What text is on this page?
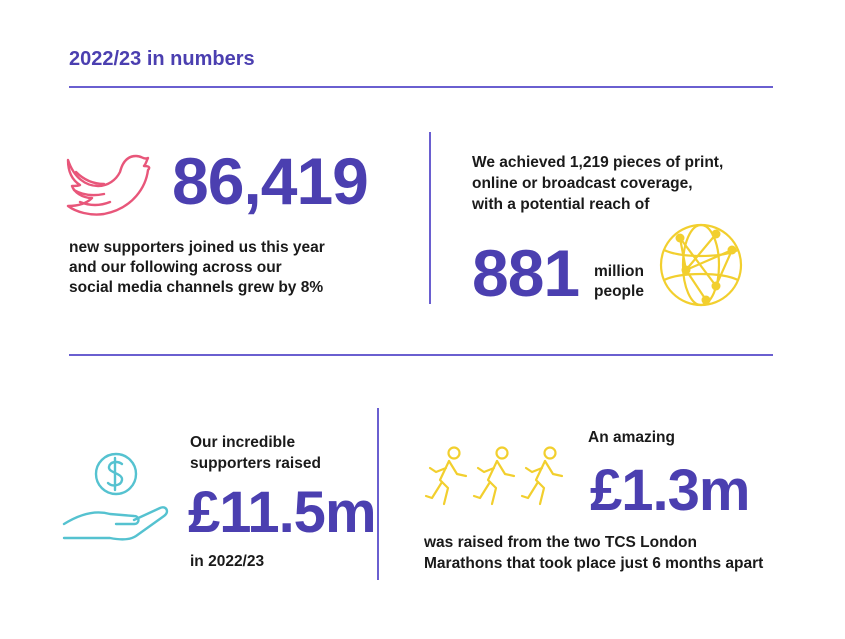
2022/23 in numbers
86,419
new supporters joined us this year
and our following across our
social media channels grew by 8%
We achieved 1,219 pieces of print,
online or broadcast coverage,
with a potential reach of
881 million
people
Our incredible
supporters raised
£11.5m
in 2022/23
An amazing
£1.3m
was raised from the two TCS London
Marathons that took place just 6 months apart
